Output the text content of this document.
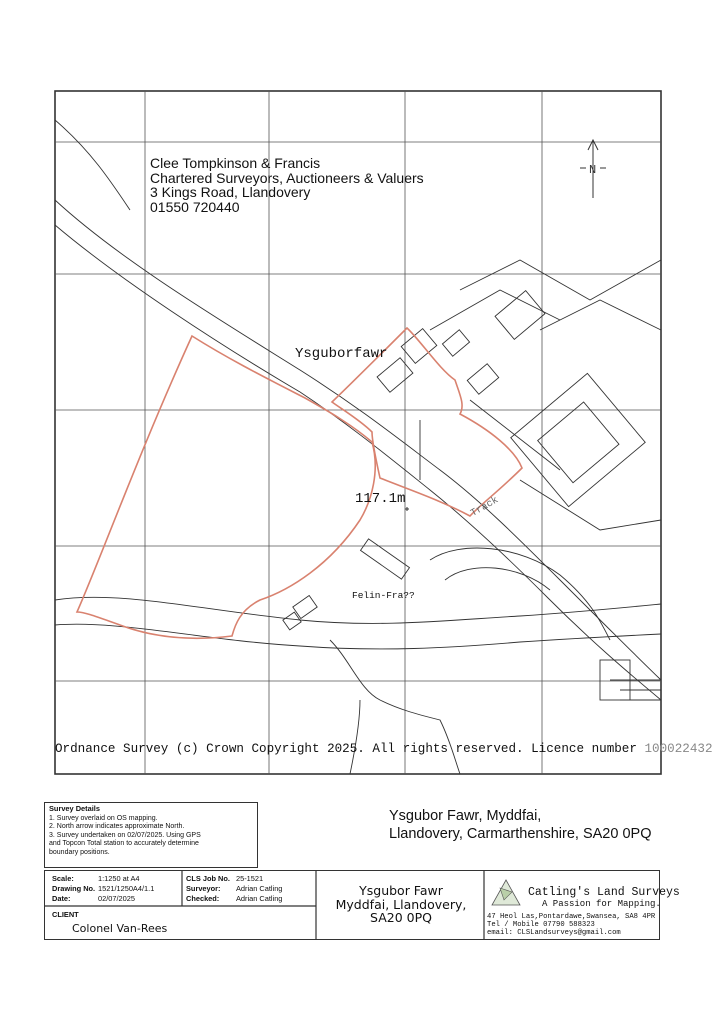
N
Clee Tompkinson & Francis
Chartered Surveyors, Auctioneers & Valuers
3 Kings Road, Llandovery
01550 720440
Ysguborfawr
117.1m	Track
Felin-Fra??
Ordnance Survey (c) Crown Copyright 2025. All rights reserved. Licence number 100022432
Survey Details
1. Survey overlaid on OS mapping.
2. North arrow indicates approximate North.
3. Survey undertaken on 02/07/2025. Using GPS
and Topcon Total station to accurately determine
boundary positions.
Ysgubor Fawr, Myddfai,
Llandovery, Carmarthenshire, SA20 0PQ
Scale:	1:1250 at A4
Drawing No. 1521/1250A4/1.1
Date:	02/07/2025
CLS Job No. 25-1521
Surveyor: Adrian Catling
Checked: Adrian Catling
CLIENT
Colonel Van-Rees
Ysgubor Fawr
Myddfai, Llandovery,
SA20 0PQ
Catling's Land Surveys
A Passion for Mapping.
47 Heol Las,Pontardawe,Swansea, SA8 4PR
Tel / Mobile 07790 588323
email: CLSLandsurveys@gmail.com
